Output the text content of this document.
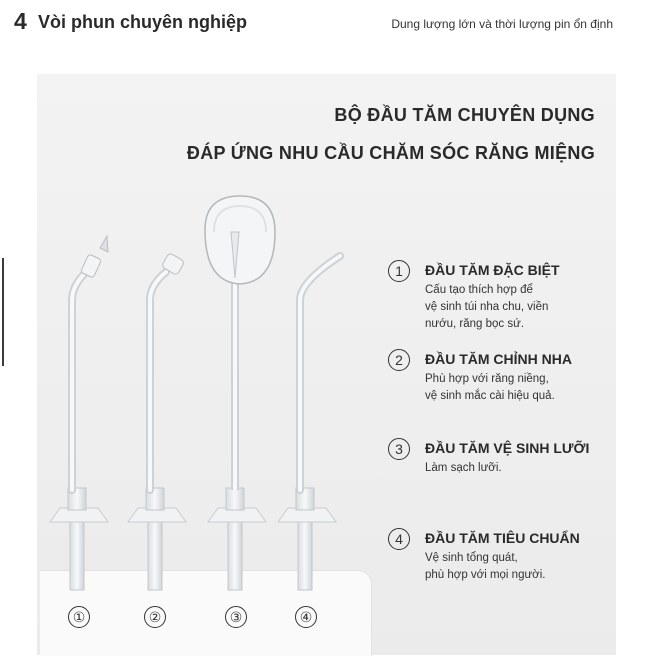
4 Vòi phun chuyên nghiệp	Dung lượng lớn và thời lượng pin ổn định
BỘ ĐẦU TĂM CHUYÊN DỤNG
ĐÁP ỨNG NHU CẦU CHĂM SÓC RĂNG MIỆNG
①	②	③	④
1	ĐẦU TĂM ĐẶC BIỆT
Cấu tạo thích hợp để
vệ sinh túi nha chu, viền
nướu, răng bọc sứ.
2	ĐẦU TĂM CHỈNH NHA
Phù hợp với răng niềng,
vệ sinh mắc cài hiệu quả.
3	ĐẦU TĂM VỆ SINH LƯỠI
Làm sạch lưỡi.
4	ĐẦU TĂM TIÊU CHUẨN
Vệ sinh tổng quát,
phù hợp với mọi người.
